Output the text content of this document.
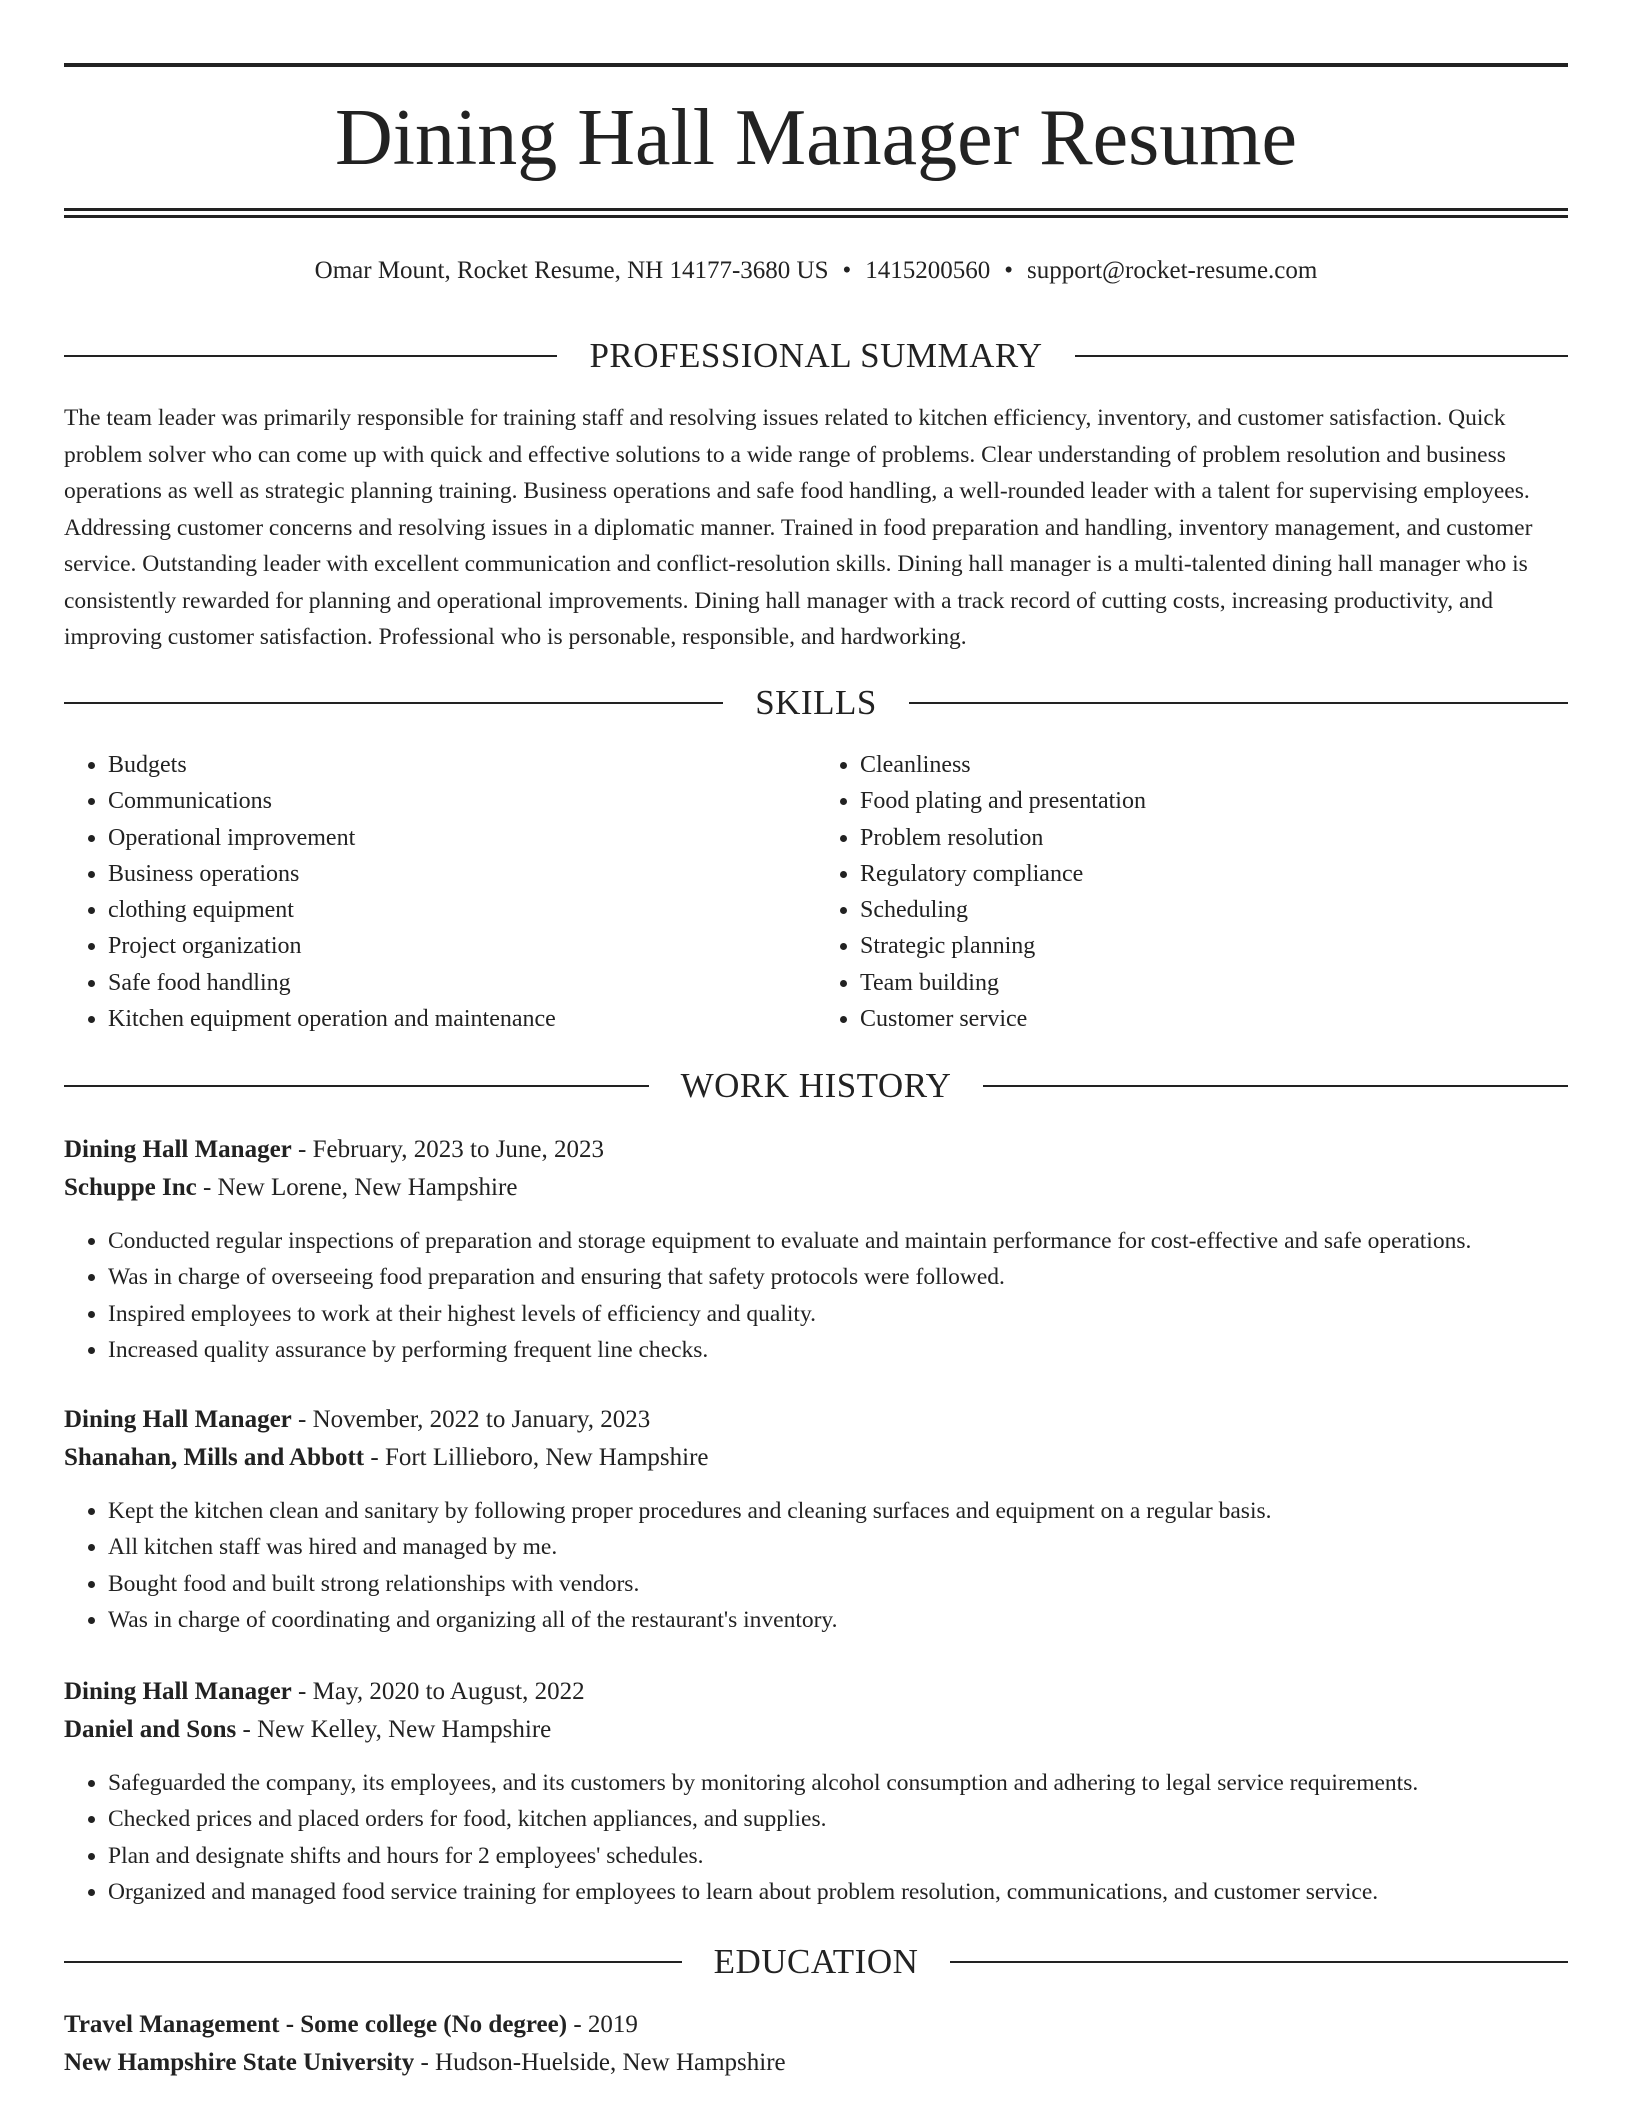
Dining Hall Manager Resume
Omar Mount, Rocket Resume, NH 14177-3680 US • 1415200560 • support@rocket-resume.com
PROFESSIONAL SUMMARY

The team leader was primarily responsible for training staff and resolving issues related to kitchen efficiency, inventory, and customer satisfaction. Quick problem solver who can come up with quick and effective solutions to a wide range of problems. Clear understanding of problem resolution and business operations as well as strategic planning training. Business operations and safe food handling, a well-rounded leader with a talent for supervising employees. Addressing customer concerns and resolving issues in a diplomatic manner. Trained in food preparation and handling, inventory management, and customer service. Outstanding leader with excellent communication and conflict-resolution skills. Dining hall manager is a multi-talented dining hall manager who is consistently rewarded for planning and operational improvements. Dining hall manager with a track record of cutting costs, increasing productivity, and improving customer satisfaction. Professional who is personable, responsible, and hardworking.

SKILLS
• Budgets
• Communications
• Operational improvement
• Business operations
• clothing equipment
• Project organization
• Safe food handling
• Kitchen equipment operation and maintenance
• Cleanliness
• Food plating and presentation
• Problem resolution
• Regulatory compliance
• Scheduling
• Strategic planning
• Team building
• Customer service
WORK HISTORY
Dining Hall Manager - February, 2023 to June, 2023
Schuppe Inc - New Lorene, New Hampshire
• Conducted regular inspections of preparation and storage equipment to evaluate and maintain performance for cost-effective and safe operations.
• Was in charge of overseeing food preparation and ensuring that safety protocols were followed.
• Inspired employees to work at their highest levels of efficiency and quality.
• Increased quality assurance by performing frequent line checks.
Dining Hall Manager - November, 2022 to January, 2023
Shanahan, Mills and Abbott - Fort Lillieboro, New Hampshire
• Kept the kitchen clean and sanitary by following proper procedures and cleaning surfaces and equipment on a regular basis.
• All kitchen staff was hired and managed by me.
• Bought food and built strong relationships with vendors.
• Was in charge of coordinating and organizing all of the restaurant's inventory.
Dining Hall Manager - May, 2020 to August, 2022
Daniel and Sons - New Kelley, New Hampshire
• Safeguarded the company, its employees, and its customers by monitoring alcohol consumption and adhering to legal service requirements.
• Checked prices and placed orders for food, kitchen appliances, and supplies.
• Plan and designate shifts and hours for 2 employees' schedules.
• Organized and managed food service training for employees to learn about problem resolution, communications, and customer service.
EDUCATION
Travel Management - Some college (No degree) - 2019
New Hampshire State University - Hudson-Huelside, New Hampshire
